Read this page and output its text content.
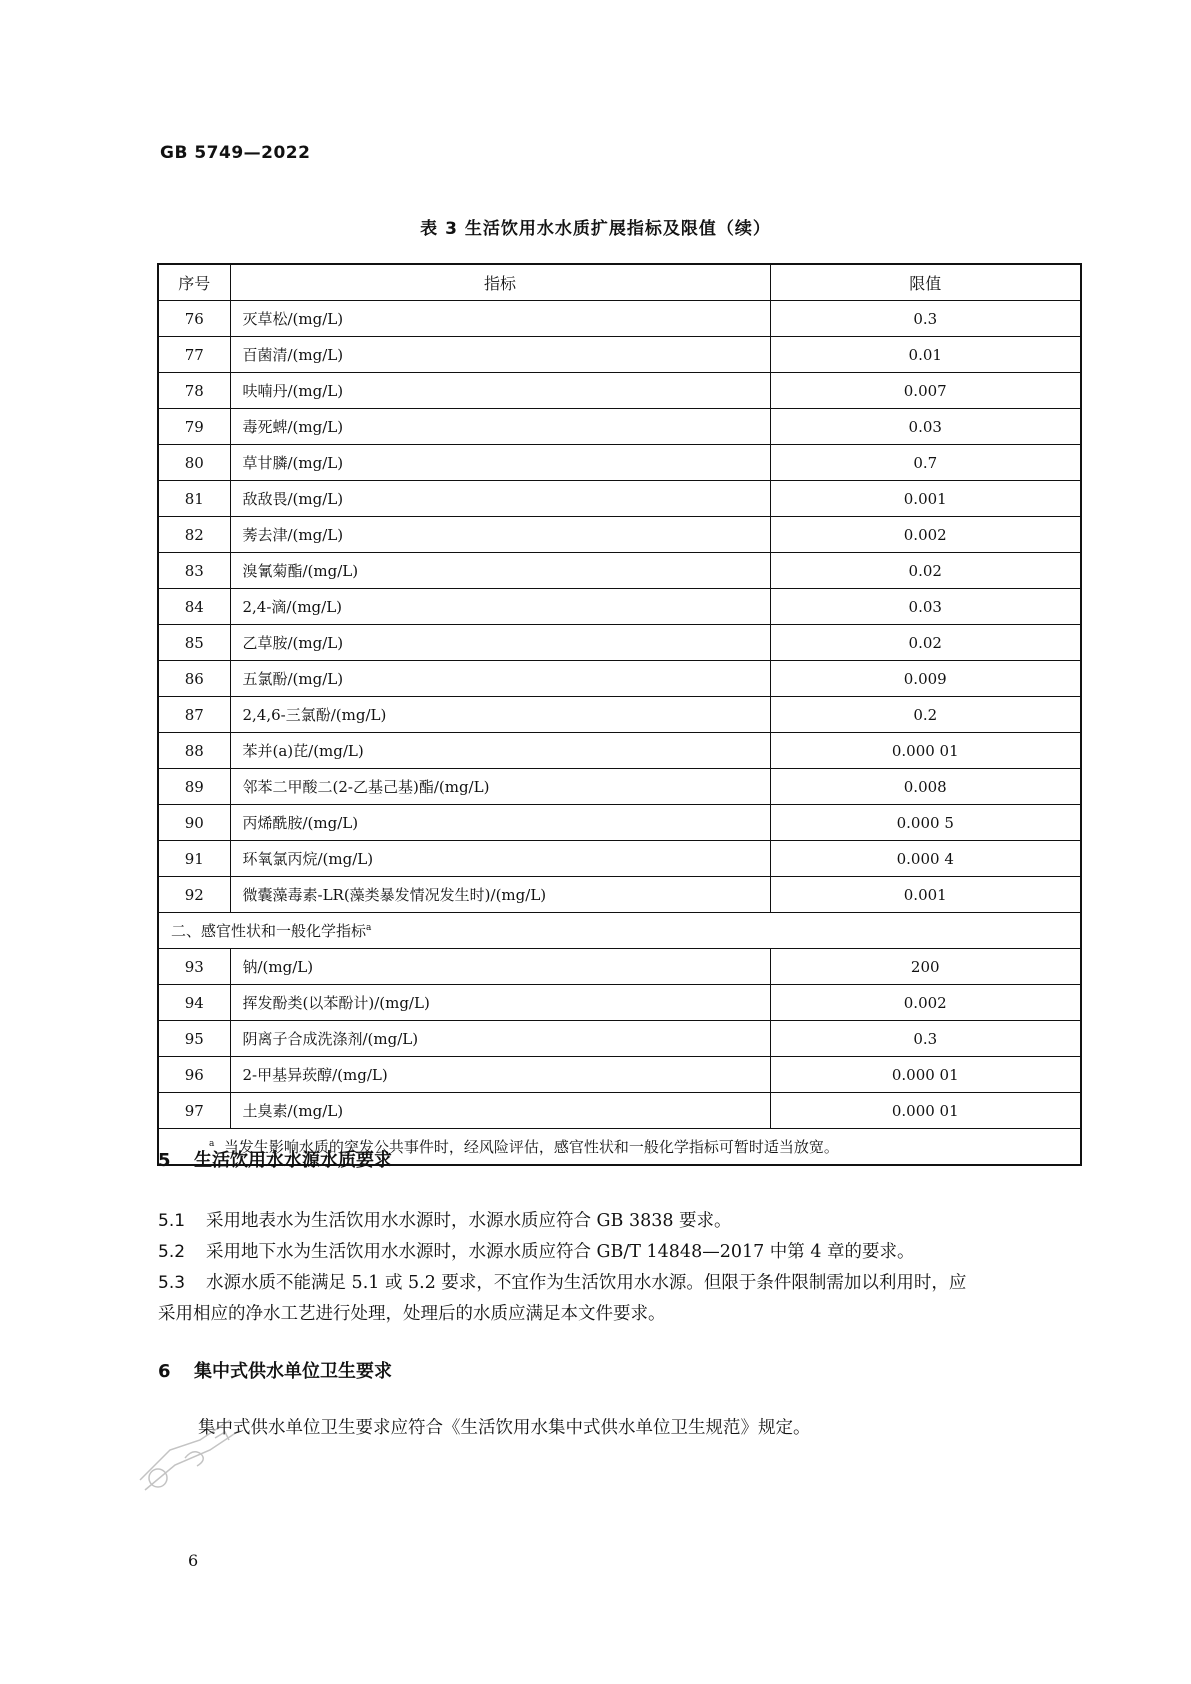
GB 5749—2022
表 3 生活饮用水水质扩展指标及限值（续）
序号	指标	限值
76	灭草松/(mg/L)	0.3
77	百菌清/(mg/L)	0.01
78	呋喃丹/(mg/L)	0.007
79	毒死蜱/(mg/L)	0.03
80	草甘膦/(mg/L)	0.7
81	敌敌畏/(mg/L)	0.001
82	莠去津/(mg/L)	0.002
83	溴氰菊酯/(mg/L)	0.02
84	2,4-滴/(mg/L)	0.03
85	乙草胺/(mg/L)	0.02
86	五氯酚/(mg/L)	0.009
87	2,4,6-三氯酚/(mg/L)	0.2
88	苯并(a)芘/(mg/L)	0.000 01
89	邻苯二甲酸二(2-乙基己基)酯/(mg/L)	0.008
90	丙烯酰胺/(mg/L)	0.000 5
91	环氧氯丙烷/(mg/L)	0.000 4
92	微囊藻毒素-LR(藻类暴发情况发生时)/(mg/L)	0.001
二、感官性状和一般化学指标$^a$
93	钠/(mg/L)	200
94	挥发酚类(以苯酚计)/(mg/L)	0.002
95	阴离子合成洗涤剂/(mg/L)	0.3
96	2-甲基异莰醇/(mg/L)	0.000 01
97	土臭素/(mg/L)	0.000 01
$^a$ 当发生影响水质的突发公共事件时，经风险评估，感官性状和一般化学指标可暂时适当放宽。		
5 生活饮用水水源水质要求
5.1 采用地表水为生活饮用水水源时，水源水质应符合 GB 3838 要求。
5.2 采用地下水为生活饮用水水源时，水源水质应符合 GB/T 14848—2017 中第 4 章的要求。
5.3 水源水质不能满足 5.1 或 5.2 要求，不宜作为生活饮用水水源。但限于条件限制需加以利用时，应
采用相应的净水工艺进行处理，处理后的水质应满足本文件要求。
6 集中式供水单位卫生要求
集中式供水单位卫生要求应符合《生活饮用水集中式供水单位卫生规范》规定。
6
